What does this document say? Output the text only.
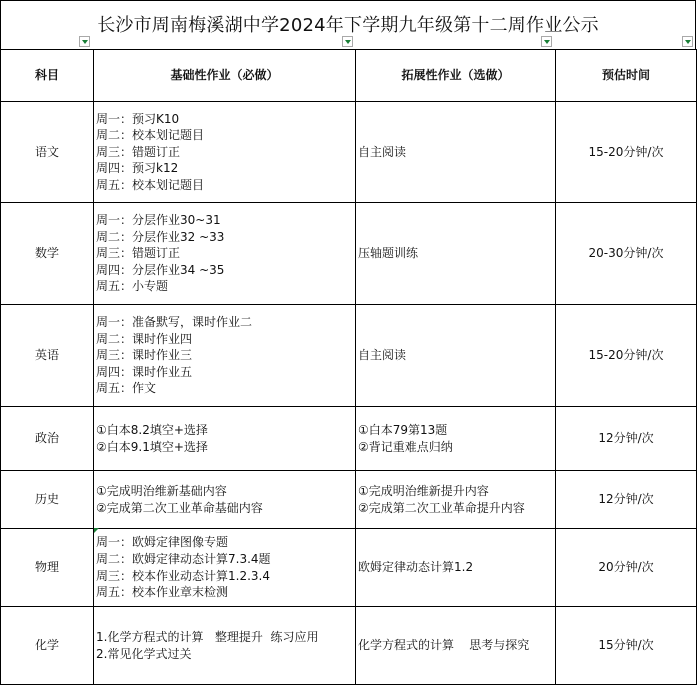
长沙市周南梅溪湖中学2024年下学期九年级第十二周作业公示
科目	基础性作业（必做）	拓展性作业（选做）	预估时间
语文	周一：预习K10
周二：校本划记题目
周三：错题订正
周四：预习k12
周五：校本划记题目	自主阅读	15-20分钟/次
数学	周一：分层作业30~31
周二：分层作业32 ~33
周三：错题订正
周四：分层作业34 ~35
周五：小专题	压轴题训练	20-30分钟/次
英语	周一：准备默写，课时作业二
周二：课时作业四
周三：课时作业三
周四：课时作业五
周五：作文	自主阅读	15-20分钟/次
政治	①白本8.2填空+选择
②白本9.1填空+选择	①白本79第13题
②背记重难点归纳	12分钟/次
历史	①完成明治维新基础内容
②完成第二次工业革命基础内容	①完成明治维新提升内容
②完成第二次工业革命提升内容	12分钟/次
物理	周一：欧姆定律图像专题
周二：欧姆定律动态计算7.3.4题
周三：校本作业动态计算1.2.3.4
周五：校本作业章末检测	欧姆定律动态计算1.2	20分钟/次
化学	1.化学方程式的计算   整理提升  练习应用
2.常见化学式过关	化学方程式的计算    思考与探究	15分钟/次
